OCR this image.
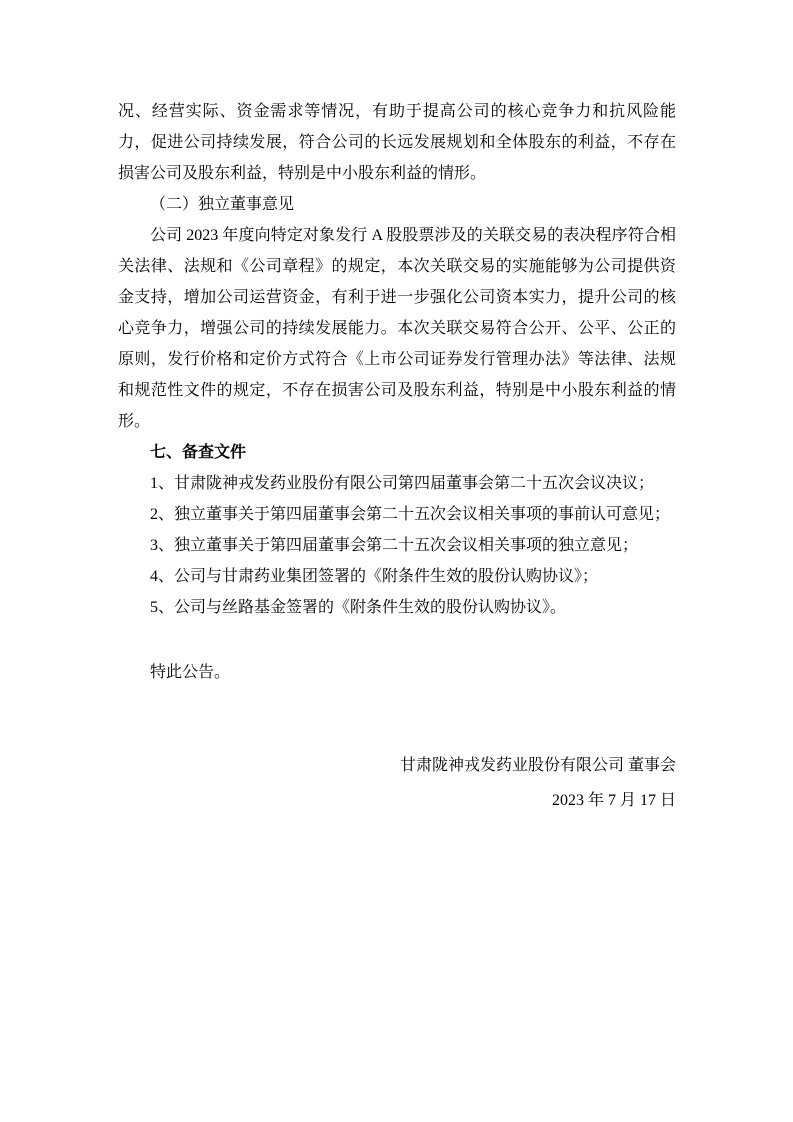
况、经营实际、资金需求等情况，有助于提高公司的核心竞争力和抗风险能力，促进公司持续发展，符合公司的长远发展规划和全体股东的利益，不存在损害公司及股东利益，特别是中小股东利益的情形。

（二）独立董事意见

公司 2023 年度向特定对象发行 A 股股票涉及的关联交易的表决程序符合相关法律、法规和《公司章程》的规定，本次关联交易的实施能够为公司提供资金支持，增加公司运营资金，有利于进一步强化公司资本实力，提升公司的核心竞争力，增强公司的持续发展能力。本次关联交易符合公开、公平、公正的原则，发行价格和定价方式符合《上市公司证券发行管理办法》等法律、法规和规范性文件的规定，不存在损害公司及股东利益，特别是中小股东利益的情形。

七、备查文件

1、甘肃陇神戎发药业股份有限公司第四届董事会第二十五次会议决议；

2、独立董事关于第四届董事会第二十五次会议相关事项的事前认可意见；

3、独立董事关于第四届董事会第二十五次会议相关事项的独立意见；

4、公司与甘肃药业集团签署的《附条件生效的股份认购协议》；

5、公司与丝路基金签署的《附条件生效的股份认购协议》。

特此公告。

甘肃陇神戎发药业股份有限公司 董事会

2023 年 7 月 17 日
